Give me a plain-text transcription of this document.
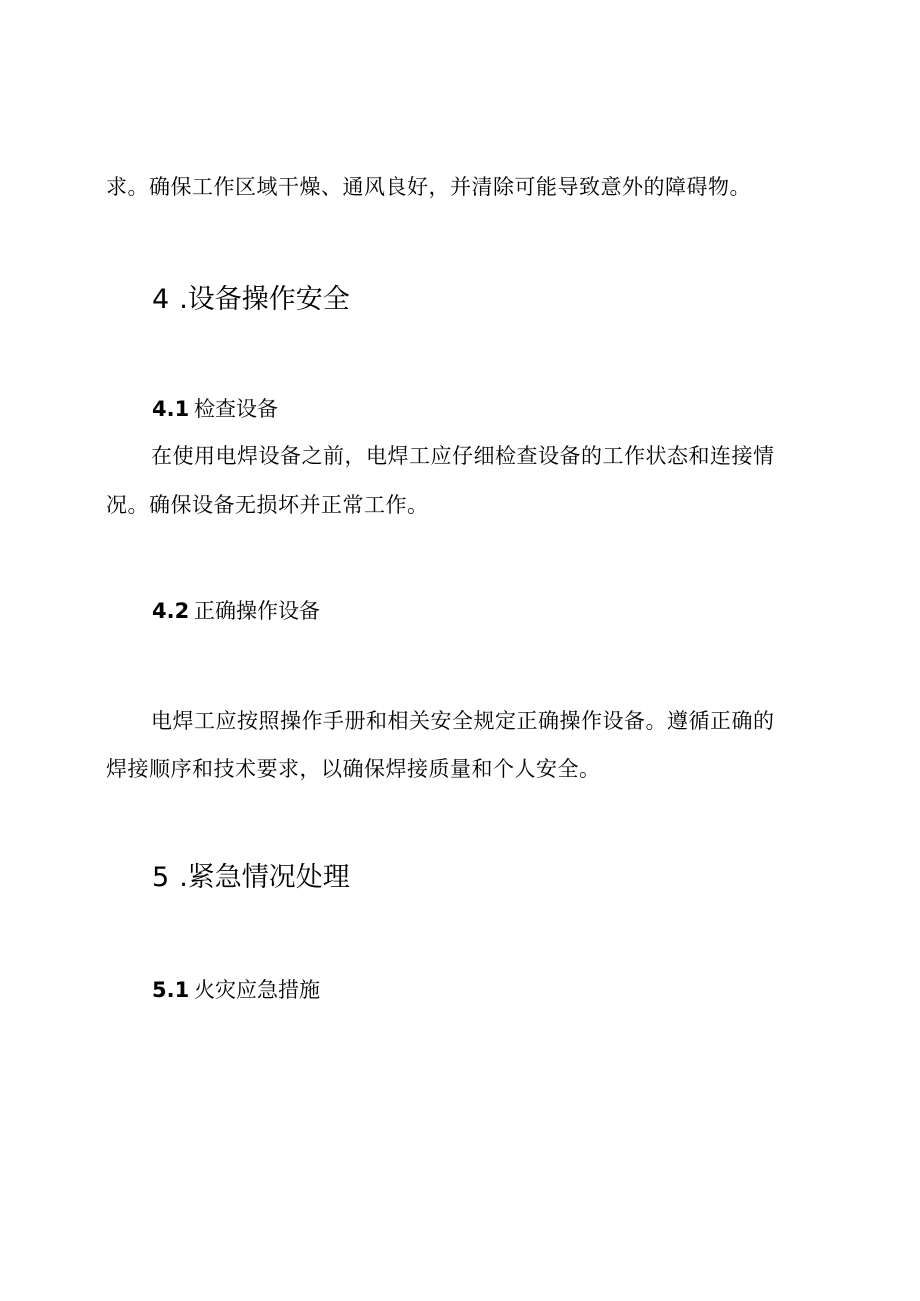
求。确保工作区域干燥、通风良好，并清除可能导致意外的障碍物。

4.设备操作安全
4.1 检查设备

在使用电焊设备之前，电焊工应仔细检查设备的工作状态和连接情

况。确保设备无损坏并正常工作。

4.2 正确操作设备

电焊工应按照操作手册和相关安全规定正确操作设备。遵循正确的

焊接顺序和技术要求，以确保焊接质量和个人安全。

5.紧急情况处理
5.1 火灾应急措施
